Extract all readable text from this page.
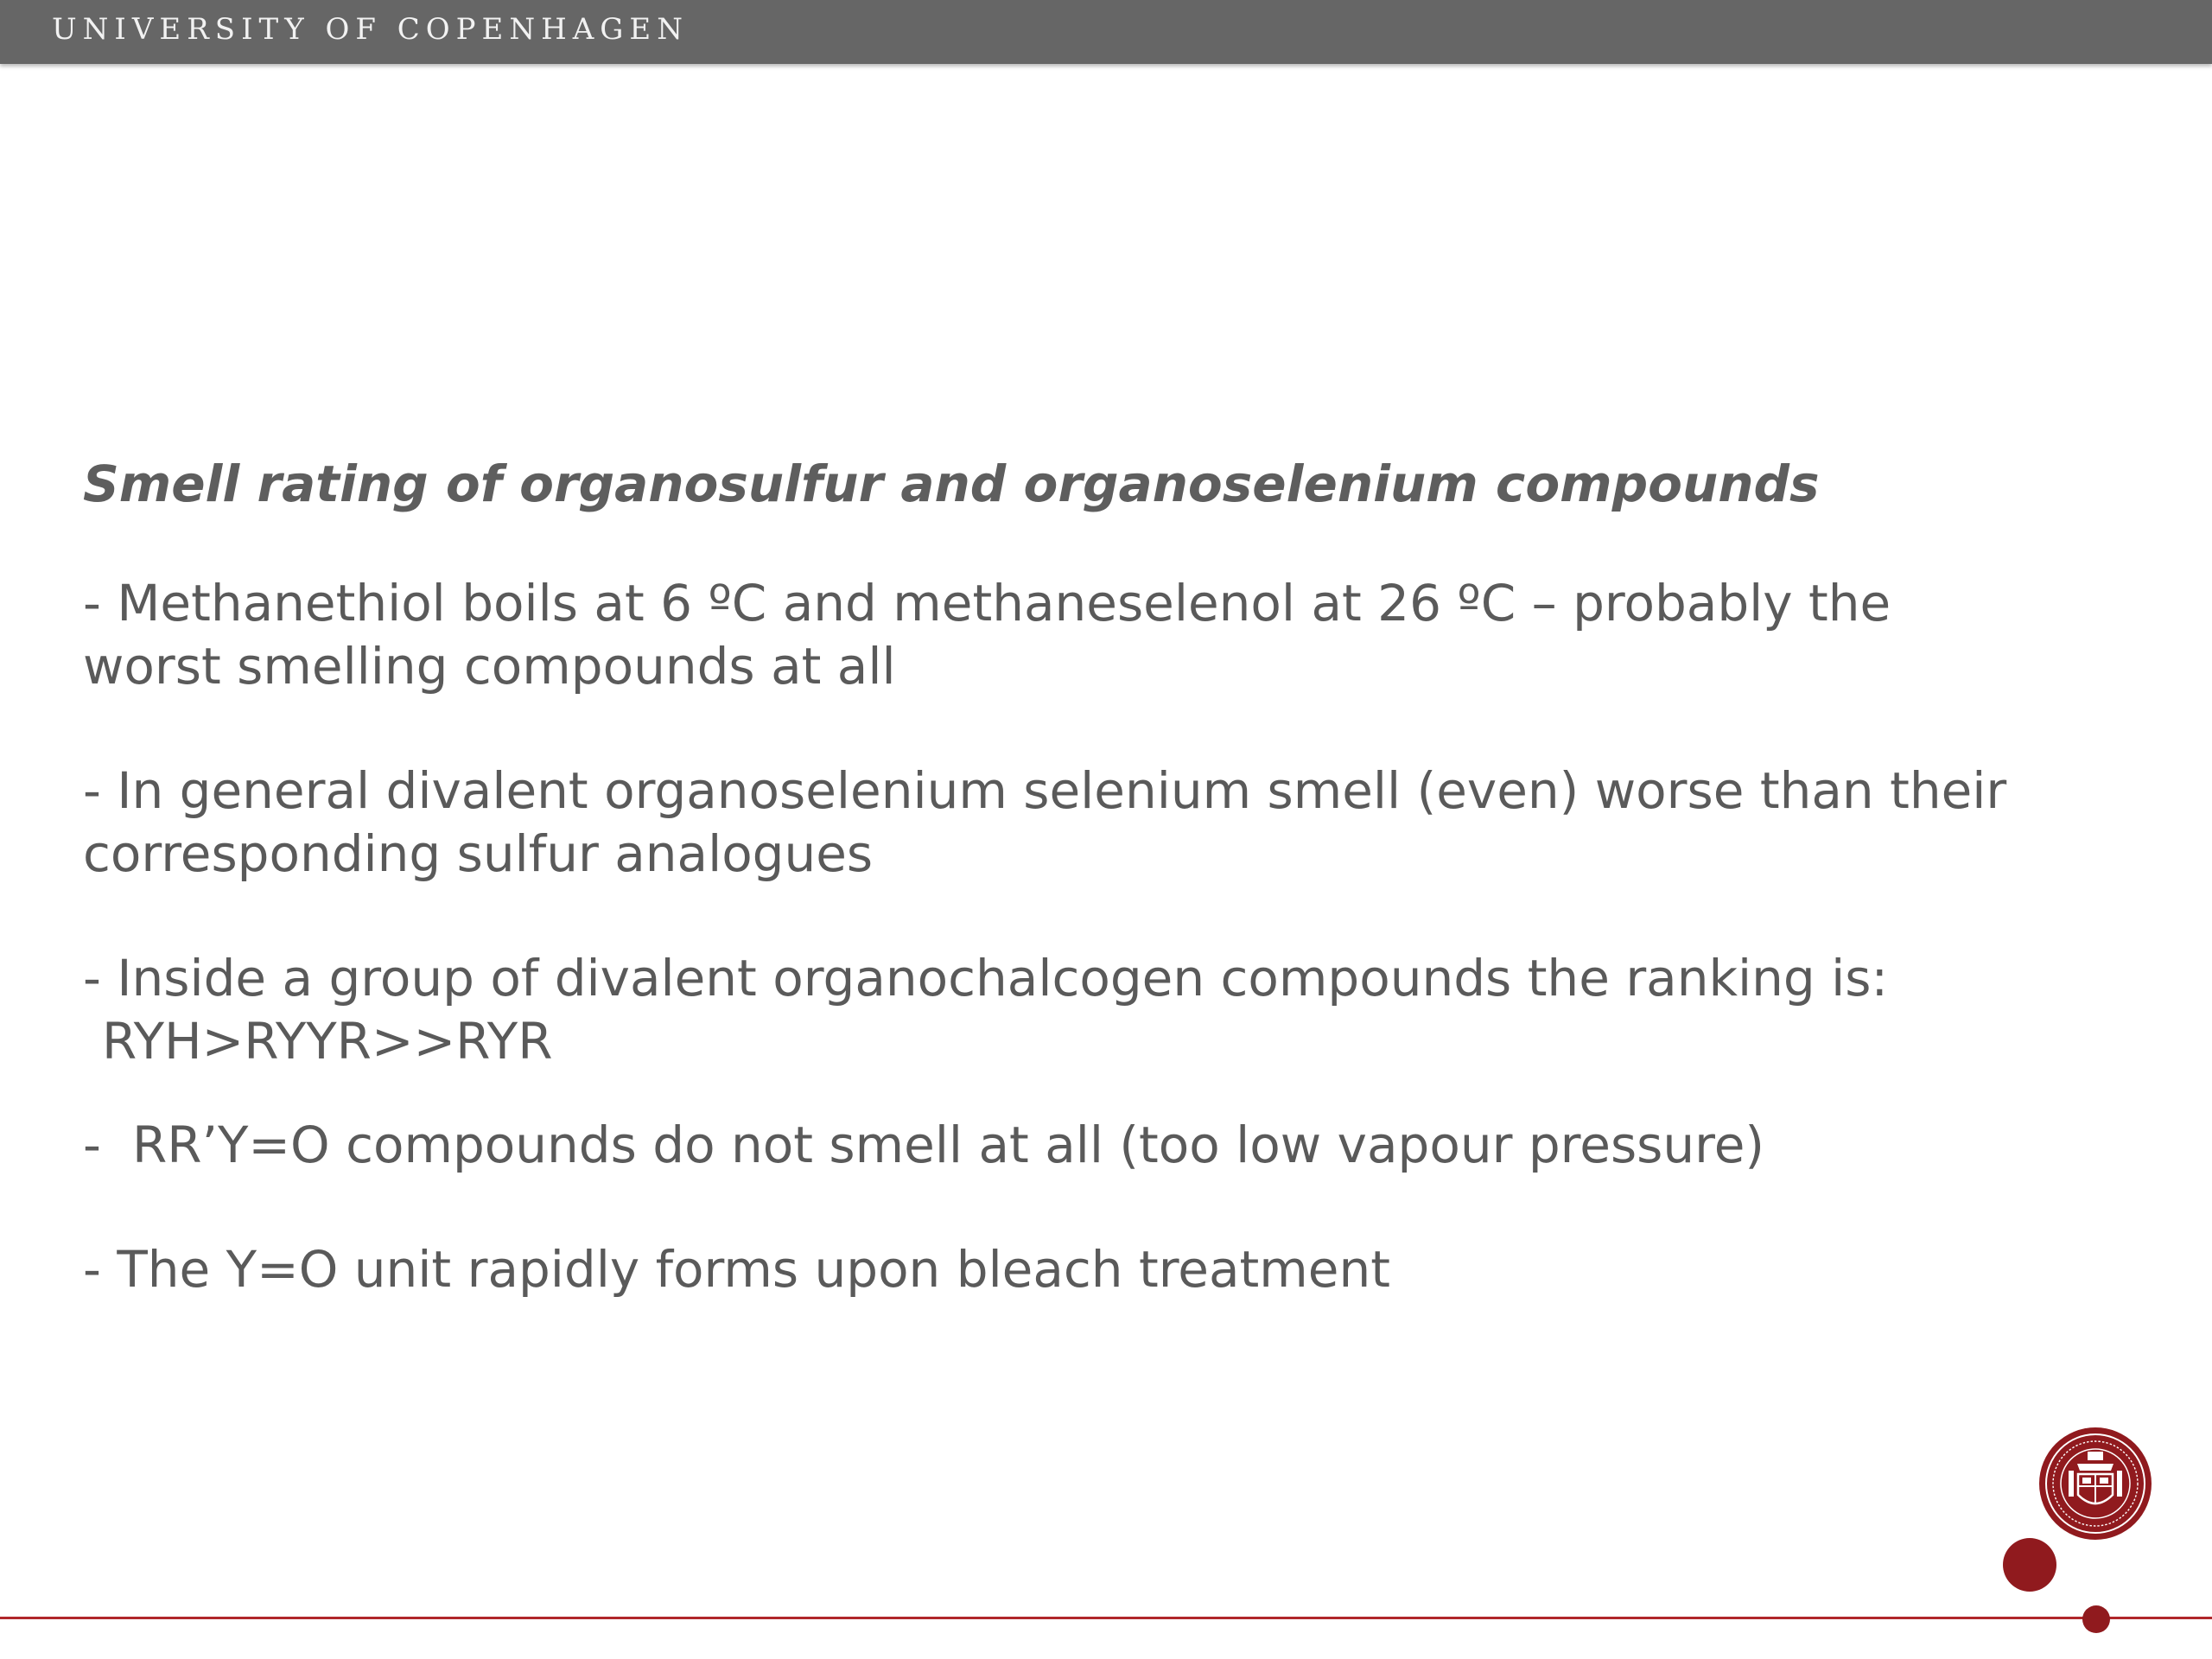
UNIVERSITY OF COPENHAGEN
Smell rating of organosulfur and organoselenium compounds
- Methanethiol boils at 6 ºC and methaneselenol at 26 ºC – probably the
worst smelling compounds at all
- In general divalent organoselenium selenium smell (even) worse than their
corresponding sulfur analogues
- Inside a group of divalent organochalcogen compounds the ranking is:
RYH>RYYR>>RYR
- RR’Y=O compounds do not smell at all (too low vapour pressure)
- The Y=O unit rapidly forms upon bleach treatment
